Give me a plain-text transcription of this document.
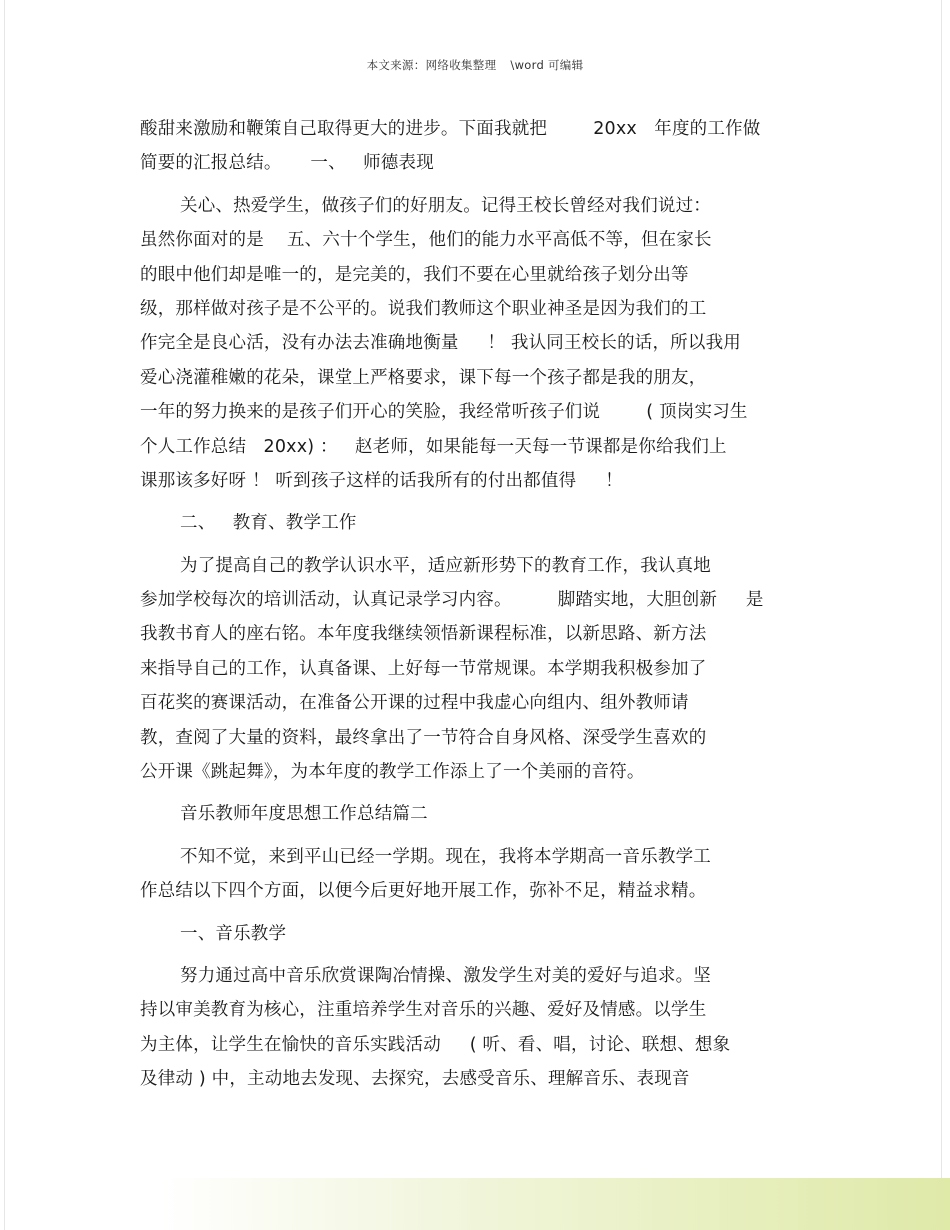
本文来源：网络收集整理 \word 可编辑
酸甜来激励和鞭策自己取得更大的进步。下面我就把        20xx   年度的工作做
简要的汇报总结。     一、   师德表现
关心、热爱学生，做孩子们的好朋友。记得王校长曾经对我们说过：
虽然你面对的是    五、六十个学生，他们的能力水平高低不等，但在家长
的眼中他们却是唯一的，是完美的，我们不要在心里就给孩子划分出等
级，那样做对孩子是不公平的。说我们教师这个职业神圣是因为我们的工
作完全是良心活，没有办法去准确地衡量     ！ 我认同王校长的话，所以我用
爱心浇灌稚嫩的花朵，课堂上严格要求，课下每一个孩子都是我的朋友，
一年的努力换来的是孩子们开心的笑脸，我经常听孩子们说        ( 顶岗实习生
个人工作总结   20xx) ：   赵老师，如果能每一天每一节课都是你给我们上
课那该多好呀 ！ 听到孩子这样的话我所有的付出都值得     ！
二、   教育、教学工作
为了提高自己的教学认识水平，适应新形势下的教育工作，我认真地
参加学校每次的培训活动，认真记录学习内容。        脚踏实地，大胆创新     是
我教书育人的座右铭。本年度我继续领悟新课程标准，以新思路、新方法
来指导自己的工作，认真备课、上好每一节常规课。本学期我积极参加了
百花奖的赛课活动，在准备公开课的过程中我虚心向组内、组外教师请
教，查阅了大量的资料，最终拿出了一节符合自身风格、深受学生喜欢的
公开课《跳起舞》，为本年度的教学工作添上了一个美丽的音符。
音乐教师年度思想工作总结篇二
不知不觉，来到平山已经一学期。现在，我将本学期高一音乐教学工
作总结以下四个方面，以便今后更好地开展工作，弥补不足，精益求精。
一、音乐教学
努力通过高中音乐欣赏课陶冶情操、激发学生对美的爱好与追求。坚
持以审美教育为核心，注重培养学生对音乐的兴趣、爱好及情感。以学生
为主体，让学生在愉快的音乐实践活动     ( 听、看、唱，讨论、联想、想象
及律动 ) 中，主动地去发现、去探究，去感受音乐、理解音乐、表现音
